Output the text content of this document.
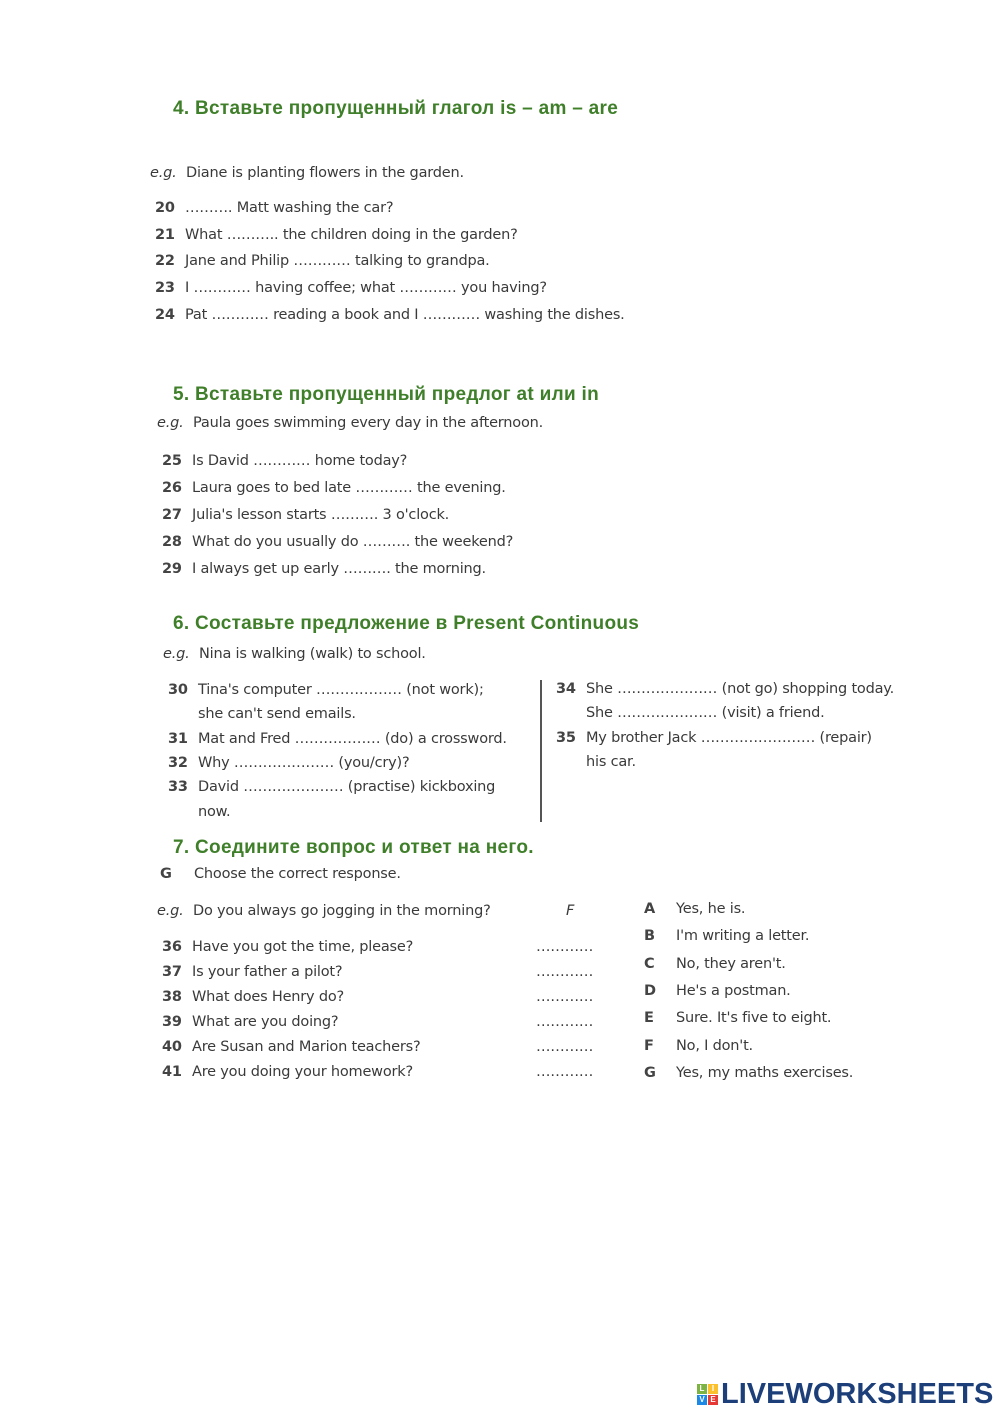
4. Вставьте пропущенный глагол is – am – are
e.g. Diane is planting flowers in the garden.
20 ………. Matt washing the car?
21 What ……….. the children doing in the garden?
22 Jane and Philip ………… talking to grandpa.
23 I ………… having coffee; what ………… you having?
24 Pat ………… reading a book and I ………… washing the dishes.
5. Вставьте пропущенный предлог at или in
e.g. Paula goes swimming every day in the afternoon.
25 Is David ………… home today?
26 Laura goes to bed late ………… the evening.
27 Julia's lesson starts ………. 3 o'clock.
28 What do you usually do ………. the weekend?
29 I always get up early ………. the morning.
6. Составьте предложение в Present Continuous
e.g. Nina is walking (walk) to school.
30 Tina's computer ……………… (not work);
she can't send emails.
31 Mat and Fred ……………… (do) a crossword.
32 Why ………………… (you/cry)?
33 David ………………… (practise) kickboxing
now.
34 She ………………… (not go) shopping today.
She ………………… (visit) a friend.
35 My brother Jack …………………… (repair)
his car.
7. Соедините вопрос и ответ на него.
G Choose the correct response.
e.g. Do you always go jogging in the morning?	F
36 Have you got the time, please?	…………
37 Is your father a pilot?	…………
38 What does Henry do?	…………
39 What are you doing?	…………
40 Are Susan and Marion teachers?	…………
41 Are you doing your homework?	…………
A Yes, he is.
B I'm writing a letter.
C No, they aren't.
D He's a postman.
E Sure. It's five to eight.
F No, I don't.
G Yes, my maths exercises.
L I
V E LIVEWORKSHEETS
